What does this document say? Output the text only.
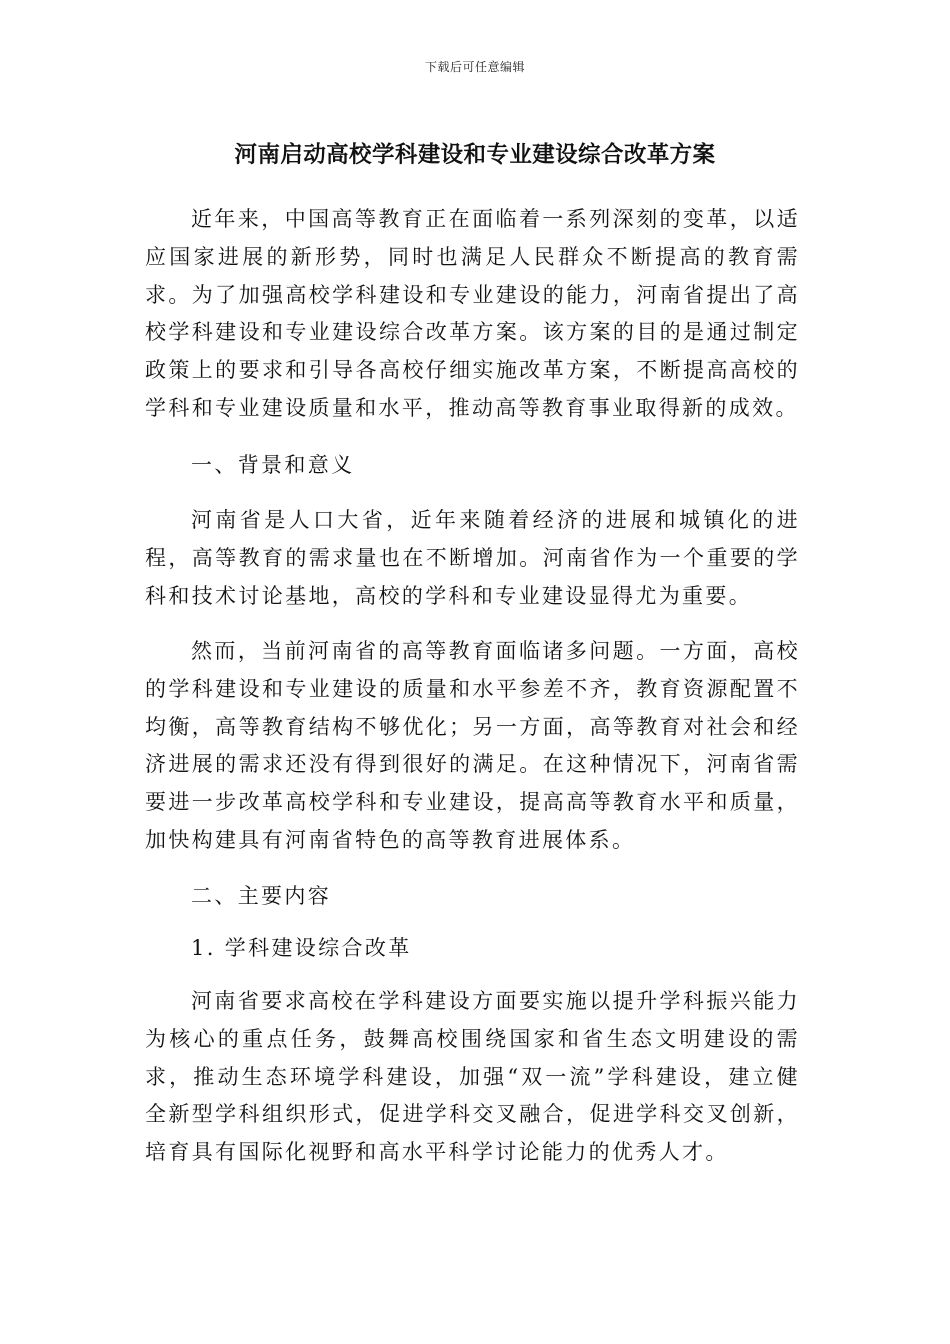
下载后可任意编辑
河南启动高校学科建设和专业建设综合改革方案
近年来，中国高等教育正在面临着一系列深刻的变革，以适应国家进展的新形势，同时也满足人民群众不断提高的教育需求。为了加强高校学科建设和专业建设的能力，河南省提出了高校学科建设和专业建设综合改革方案。该方案的目的是通过制定政策上的要求和引导各高校仔细实施改革方案，不断提高高校的学科和专业建设质量和水平，推动高等教育事业取得新的成效。
一、背景和意义
河南省是人口大省，近年来随着经济的进展和城镇化的进程，高等教育的需求量也在不断增加。河南省作为一个重要的学科和技术讨论基地，高校的学科和专业建设显得尤为重要。
然而，当前河南省的高等教育面临诸多问题。一方面，高校的学科建设和专业建设的质量和水平参差不齐，教育资源配置不均衡，高等教育结构不够优化；另一方面，高等教育对社会和经济进展的需求还没有得到很好的满足。在这种情况下，河南省需要进一步改革高校学科和专业建设，提高高等教育水平和质量，加快构建具有河南省特色的高等教育进展体系。
二、主要内容
1. 学科建设综合改革
河南省要求高校在学科建设方面要实施以提升学科振兴能力为核心的重点任务，鼓舞高校围绕国家和省生态文明建设的需求，推动生态环境学科建设，加强“双一流”学科建设，建立健全新型学科组织形式，促进学科交叉融合，促进学科交叉创新，培育具有国际化视野和高水平科学讨论能力的优秀人才。
